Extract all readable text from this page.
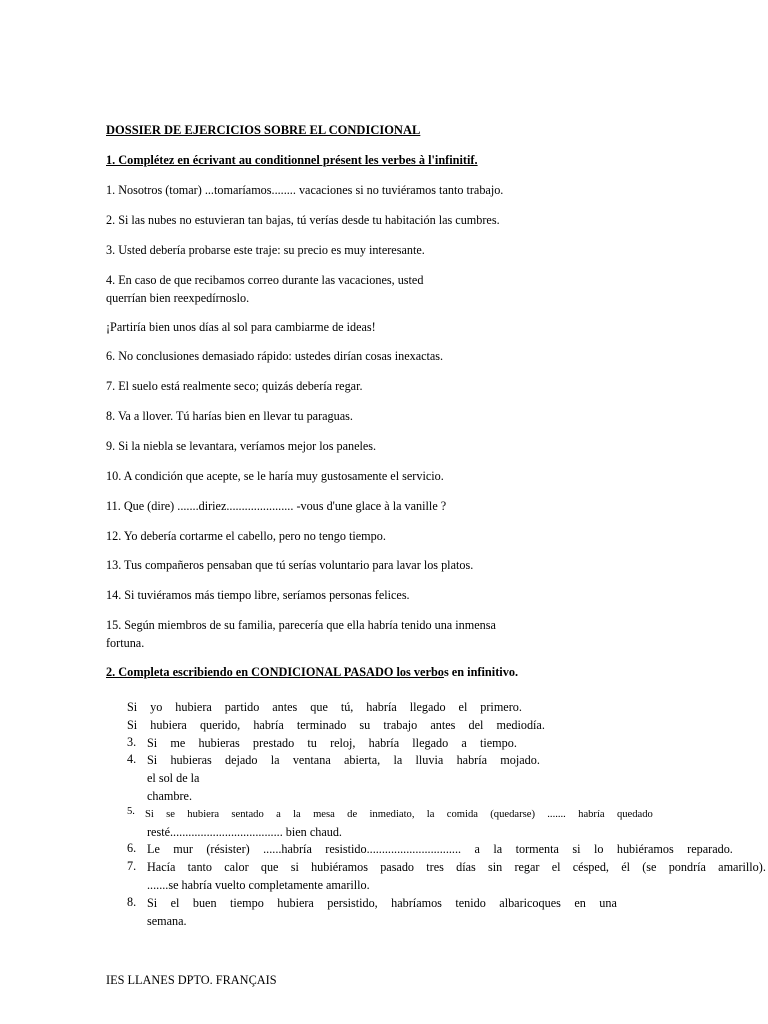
DOSSIER DE EJERCICIOS SOBRE EL CONDICIONAL
1. Complétez en écrivant au conditionnel présent les verbes à l'infinitif.
1. Nosotros (tomar) ...tomaríamos........ vacaciones si no tuviéramos tanto trabajo.
2. Si las nubes no estuvieran tan bajas, tú verías desde tu habitación las cumbres.
3. Usted debería probarse este traje: su precio es muy interesante.
4. En caso de que recibamos correo durante las vacaciones, usted
querrían bien reexpedírnoslo.
¡Partiría bien unos días al sol para cambiarme de ideas!
6. No conclusiones demasiado rápido: ustedes dirían cosas inexactas.
7. El suelo está realmente seco; quizás debería regar.
8. Va a llover. Tú harías bien en llevar tu paraguas.
9. Si la niebla se levantara, veríamos mejor los paneles.
10. A condición que acepte, se le haría muy gustosamente el servicio.
11. Que (dire) .......diriez...................... -vous d'une glace à la vanille ?
12. Yo debería cortarme el cabello, pero no tengo tiempo.
13. Tus compañeros pensaban que tú serías voluntario para lavar los platos.
14. Si tuviéramos más tiempo libre, seríamos personas felices.
15. Según miembros de su familia, parecería que ella habría tenido una inmensa
fortuna.
2. Completa escribiendo en CONDICIONAL PASADO los verbos en infinitivo.
Si yo hubiera partido antes que tú, habría llegado el primero.
Si hubiera querido, habría terminado su trabajo antes del mediodía.
3. Si me hubieras prestado tu reloj, habría llegado a tiempo.
4. Si hubieras dejado la ventana abierta, la lluvia habría mojado.
el sol de la
chambre.
5. Si se hubiera sentado a la mesa de inmediato, la comida (quedarse) ....... habría quedado
resté..................................... bien chaud.
6. Le mur (résister) ......habría resistido............................... a la tormenta si lo hubiéramos reparado.
7. Hacía tanto calor que si hubiéramos pasado tres días sin regar el césped, él (se pondría amarillo).
.......se habría vuelto completamente amarillo.
8. Si el buen tiempo hubiera persistido, habríamos tenido albaricoques en una
semana.
IES LLANES DPTO. FRANÇAIS
